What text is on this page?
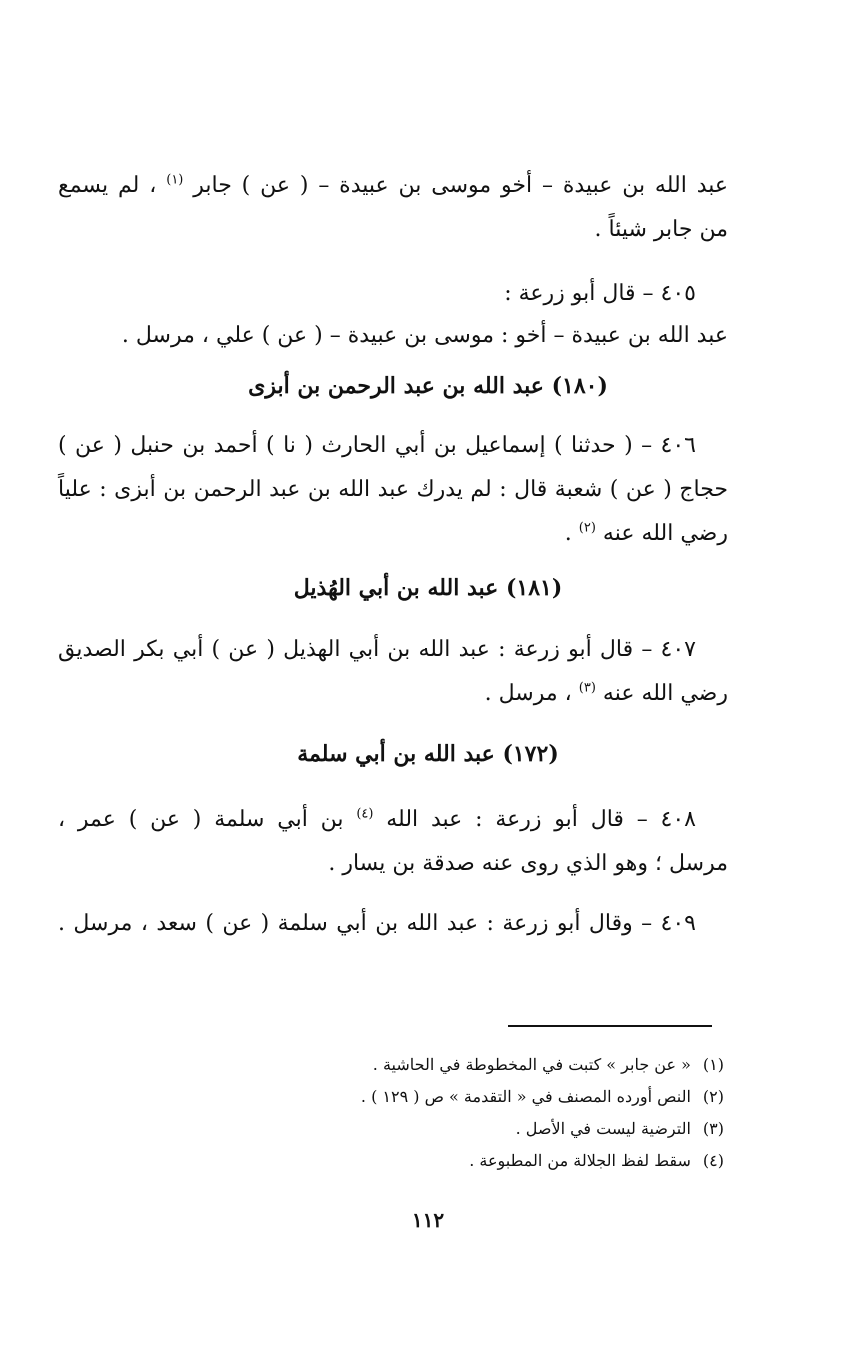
عبد الله بن عبيدة – أخو موسى بن عبيدة – ( عن ) جابر $^{(١)}$ ، لم يسمع
من جابر شيئاً .
٤٠٥ – قال أبو زرعة :
عبد الله بن عبيدة – أخو : موسى بن عبيدة – ( عن ) علي ، مرسل .
(١٨٠) عبد الله بن عبد الرحمن بن أبزى
٤٠٦ – ( حدثنا ) إسماعيل بن أبي الحارث ( نا ) أحمد بن حنبل ( عن )
حجاج ( عن ) شعبة قال : لم يدرك عبد الله بن عبد الرحمن بن أبزى : علياً
رضي الله عنه $^{(٢)}$ .
(١٨١) عبد الله بن أبي الهُذيل
٤٠٧ – قال أبو زرعة : عبد الله بن أبي الهذيل ( عن ) أبي بكر الصديق
رضي الله عنه $^{(٣)}$ ، مرسل .
(١٧٢) عبد الله بن أبي سلمة
٤٠٨ – قال أبو زرعة : عبد الله $^{(٤)}$ بن أبي سلمة ( عن ) عمر ،
مرسل ؛ وهو الذي روى عنه صدقة بن يسار .
٤٠٩ – وقال أبو زرعة : عبد الله بن أبي سلمة ( عن ) سعد ، مرسل .
(١)« عن جابر » كتبت في المخطوطة في الحاشية .
(٢)النص أورده المصنف في « التقدمة » ص ( ١٢٩ ) .
(٣)الترضية ليست في الأصل .
(٤)سقط لفظ الجلالة من المطبوعة .
١١٢
